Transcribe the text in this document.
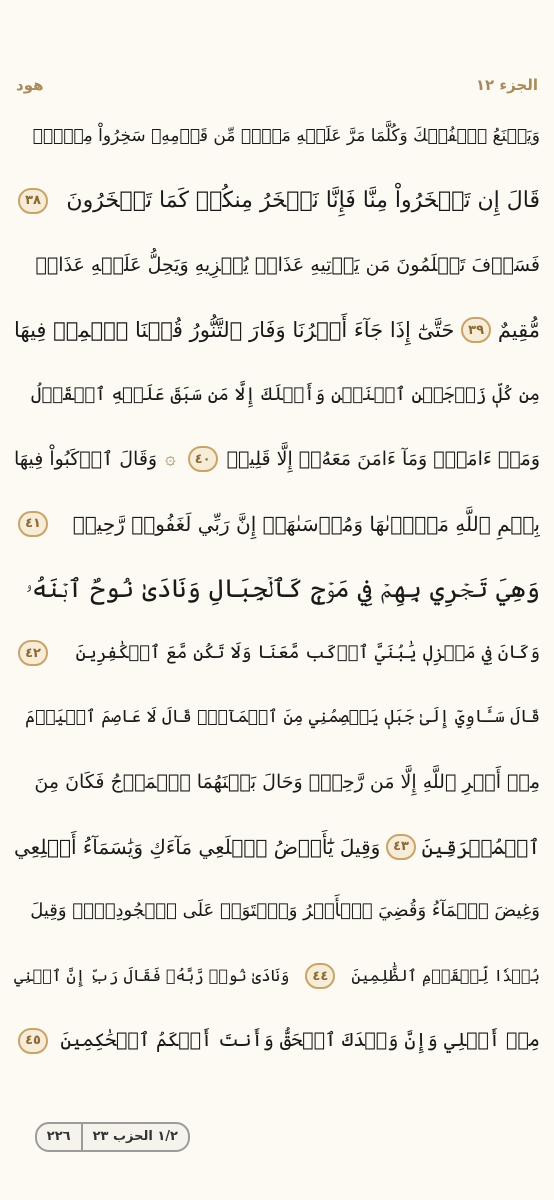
الجزء ١٢
هود
وَيَصۡنَعُ ٱلۡفُلۡكَ وَكُلَّمَا مَرَّ عَلَيۡهِ مَلَأٞ مِّن قَوۡمِهِۦ سَخِرُواْ مِنۡهُۚ
قَالَ إِن تَسۡخَرُواْ مِنَّا فَإِنَّا نَسۡخَرُ مِنكُمۡ كَمَا تَسۡخَرُونَ
٣٨
فَسَوۡفَ تَعۡلَمُونَ مَن يَأۡتِيهِ عَذَابٞ يُخۡزِيهِ وَيَحِلُّ عَلَيۡهِ عَذَابٞ
مُّقِيمٌ
٣٩
حَتَّىٰٓ إِذَا جَآءَ أَمۡرُنَا وَفَارَ ٱلتَّنُّورُ قُلۡنَا ٱحۡمِلۡ فِيهَا
مِن كُلّٖ زَوۡجَيۡنِ ٱثۡنَيۡنِ وَأَهۡلَكَ إِلَّا مَن سَبَقَ عَلَيۡهِ ٱلۡقَوۡلُ
وَمَنۡ ءَامَنَۚ وَمَآ ءَامَنَ مَعَهُۥٓ إِلَّا قَلِيلٞ
٤٠
۞
وَقَالَ ٱرۡكَبُواْ فِيهَا
بِسۡمِ ٱللَّهِ مَجۡر۪ىٰهَا وَمُرۡسَىٰهَآۚ إِنَّ رَبِّي لَغَفُورٞ رَّحِيمٞ
٤١
وَهِيَ تَجۡرِي بِهِمۡ فِي مَوۡجٖ كَٱلۡجِبَالِ وَنَادَىٰ نُوحٌ ٱبۡنَهُۥ
وَكَانَ فِي مَعۡزِلٖ يَٰبُنَيَّ ٱرۡكَب مَّعَنَا وَلَا تَكُن مَّعَ ٱلۡكَٰفِرِينَ
٤٢
قَالَ سَـَٔاوِيٓ إِلَىٰ جَبَلٖ يَعۡصِمُنِي مِنَ ٱلۡمَآءِۚ قَالَ لَا عَاصِمَ ٱلۡيَوۡمَ
مِنۡ أَمۡرِ ٱللَّهِ إِلَّا مَن رَّحِمَۚ وَحَالَ بَيۡنَهُمَا ٱلۡمَوۡجُ فَكَانَ مِنَ
ٱلۡمُغۡرَقِينَ
٤٣
وَقِيلَ يَٰٓأَرۡضُ ٱبۡلَعِي مَآءَكِ وَيَٰسَمَآءُ أَقۡلِعِي
وَغِيضَ ٱلۡمَآءُ وَقُضِيَ ٱلۡأَمۡرُ وَٱسۡتَوَتۡ عَلَى ٱلۡجُودِيِّۖ وَقِيلَ
بُعۡدٗا لِّلۡقَوۡمِ ٱلظَّٰلِمِينَ
٤٤
وَنَادَىٰ نُوحٞ رَّبَّهُۥ فَقَالَ رَبِّ إِنَّ ٱبۡنِي
مِنۡ أَهۡلِي وَإِنَّ وَعۡدَكَ ٱلۡحَقُّ وَأَنتَ أَحۡكَمُ ٱلۡحَٰكِمِينَ
٤٥
١/٢ الحزب ٢٣
٢٢٦
